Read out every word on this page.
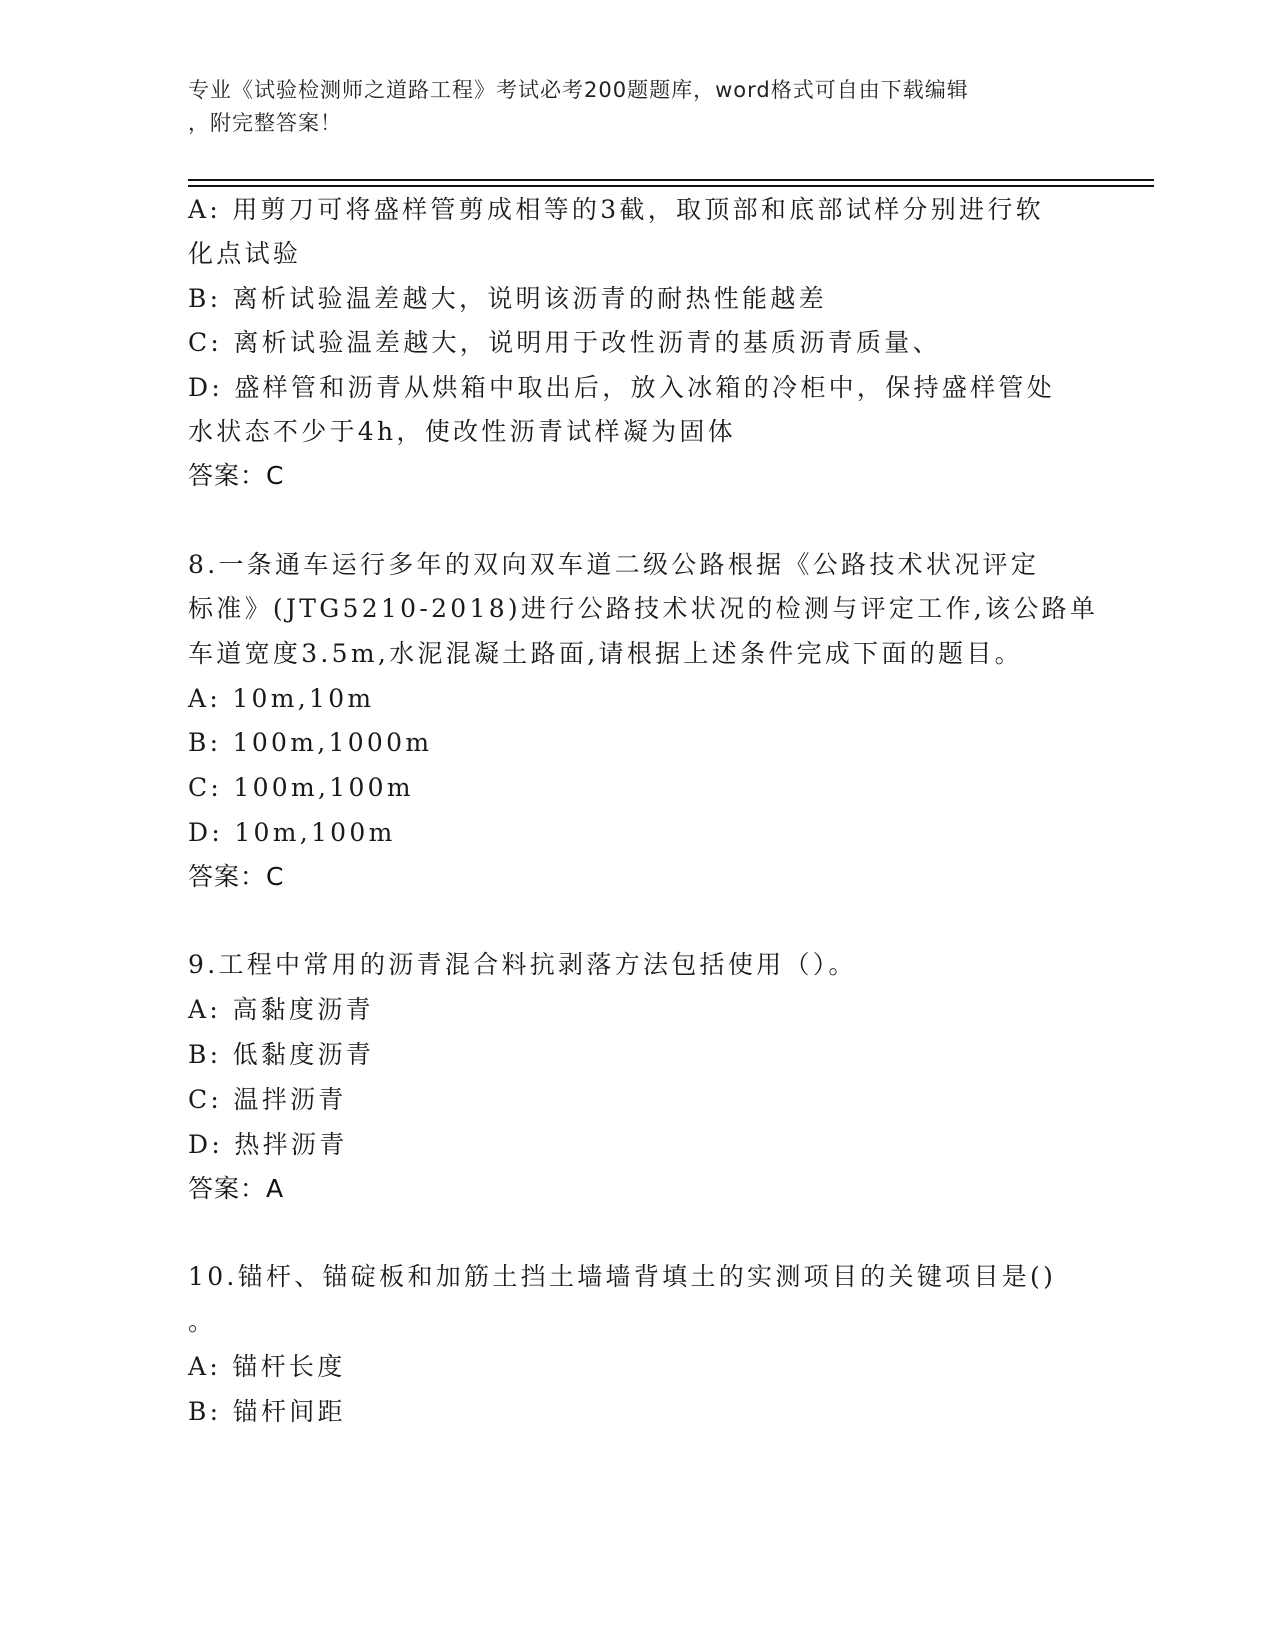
专业《试验检测师之道路工程》考试必考200题题库，word格式可自由下载编辑
，附完整答案！
A: 用剪刀可将盛样管剪成相等的3截，取顶部和底部试样分别进行软
化点试验
B: 离析试验温差越大，说明该沥青的耐热性能越差
C: 离析试验温差越大，说明用于改性沥青的基质沥青质量、
D: 盛样管和沥青从烘箱中取出后，放入冰箱的冷柜中，保持盛样管处
水状态不少于4h，使改性沥青试样凝为固体
答案：C
8.一条通车运行多年的双向双车道二级公路根据《公路技术状况评定
标准》(JTG5210-2018)进行公路技术状况的检测与评定工作,该公路单
车道宽度3.5m,水泥混凝土路面,请根据上述条件完成下面的题目。
A: 10m,10m
B: 100m,1000m
C: 100m,100m
D: 10m,100m
答案：C
9.工程中常用的沥青混合料抗剥落方法包括使用（）。
A: 高黏度沥青
B: 低黏度沥青
C: 温拌沥青
D: 热拌沥青
答案：A
10.锚杆、锚碇板和加筋土挡土墙墙背填土的实测项目的关键项目是()
。
A: 锚杆长度
B: 锚杆间距
